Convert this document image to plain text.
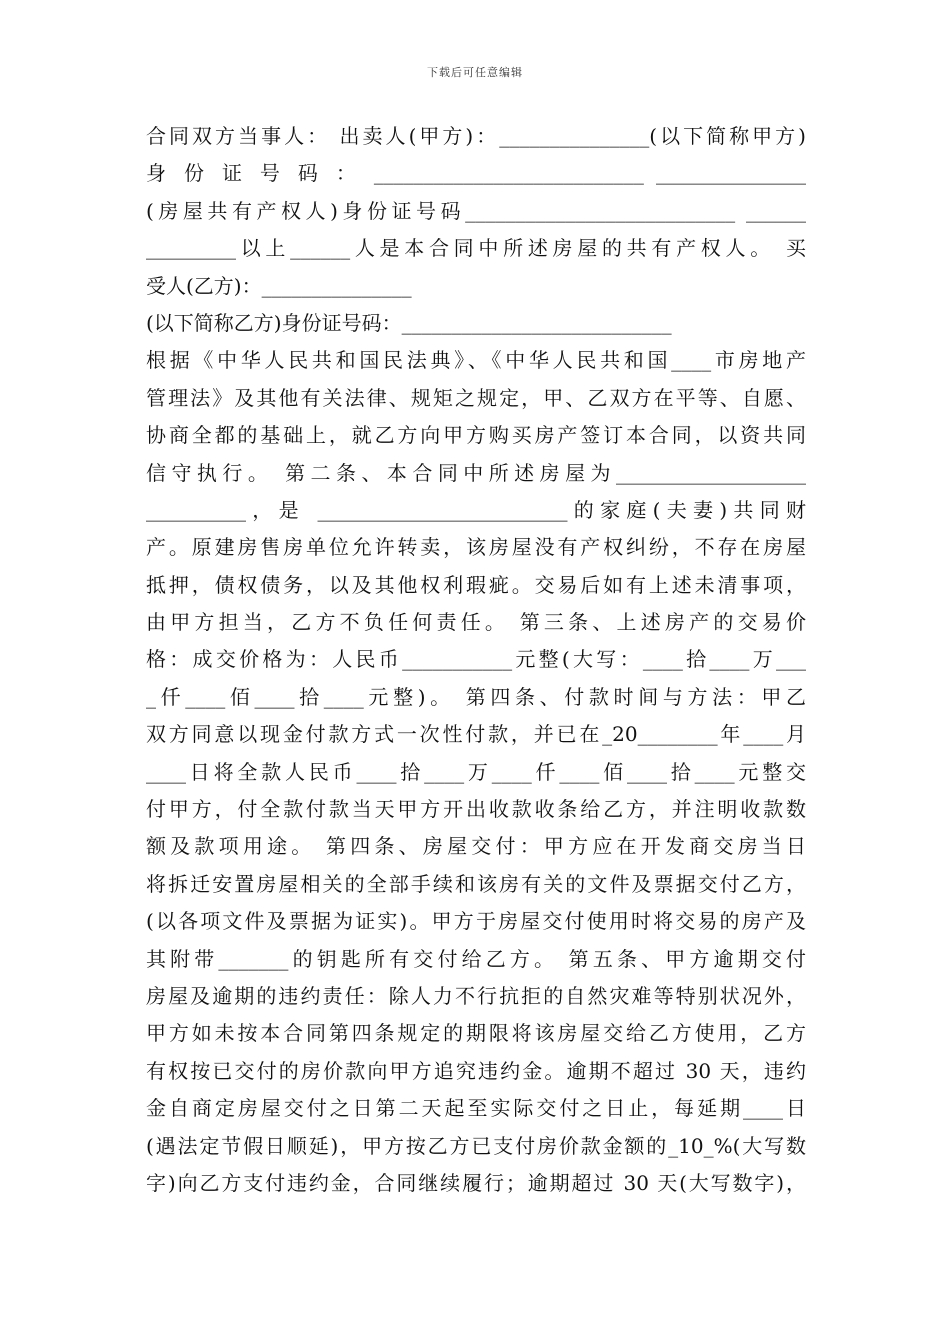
下载后可任意编辑
合同双方当事人： 出卖人(甲方)：_______________(以下简称甲方)
身 份 证 号 码 ： ___________________________ _______________
(房屋共有产权人)身份证号码___________________________ ______
_________以上______人是本合同中所述房屋的共有产权人。 买
受人(乙方)：_______________
(以下简称乙方)身份证号码：___________________________
根据《中华人民共和国民法典》、《中华人民共和国____市房地产
管理法》及其他有关法律、规矩之规定，甲、乙双方在平等、自愿、
协商全都的基础上，就乙方向甲方购买房产签订本合同，以资共同
信守执行。 第二条、本合同中所述房屋为___________________
__________，是 _________________________的家庭(夫妻)共同财
产。原建房售房单位允许转卖，该房屋没有产权纠纷，不存在房屋
抵押，债权债务，以及其他权利瑕疵。交易后如有上述未清事项，
由甲方担当，乙方不负任何责任。 第三条、上述房产的交易价
格：成交价格为：人民币___________元整(大写：____拾____万___
_仟____佰____拾____元整)。 第四条、付款时间与方法：甲乙
双方同意以现金付款方式一次性付款，并已在_20________年____月
____日将全款人民币____拾____万____仟____佰____拾____元整交
付甲方，付全款付款当天甲方开出收款收条给乙方，并注明收款数
额及款项用途。 第四条、房屋交付：甲方应在开发商交房当日
将拆迁安置房屋相关的全部手续和该房有关的文件及票据交付乙方，
(以各项文件及票据为证实)。甲方于房屋交付使用时将交易的房产及
其附带_______的钥匙所有交付给乙方。 第五条、甲方逾期交付
房屋及逾期的违约责任：除人力不行抗拒的自然灾难等特别状况外，
甲方如未按本合同第四条规定的期限将该房屋交给乙方使用，乙方
有权按已交付的房价款向甲方追究违约金。逾期不超过 30 天，违约
金自商定房屋交付之日第二天起至实际交付之日止，每延期____日
(遇法定节假日顺延)，甲方按乙方已支付房价款金额的_10_%(大写数
字)向乙方支付违约金，合同继续履行；逾期超过 30 天(大写数字)，
